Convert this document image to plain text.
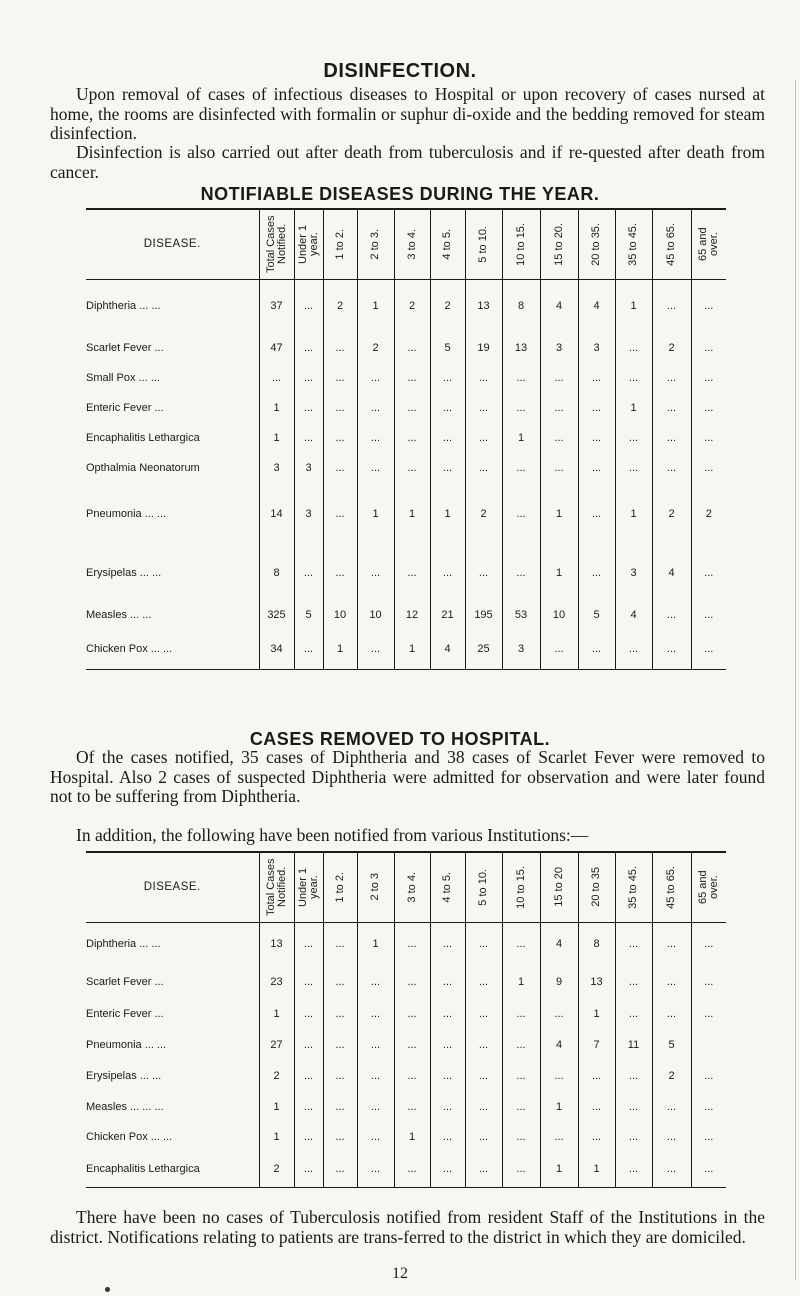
DISINFECTION.
Upon removal of cases of infectious diseases to Hospital or upon recovery of cases nursed at home, the rooms are disinfected with formalin or suphur di-oxide and the bedding removed for steam disinfection.
Disinfection is also carried out after death from tuberculosis and if re-quested after death from cancer.
NOTIFIABLE DISEASES DURING THE YEAR.
DISEASE.	Total Cases Notified.	Under 1 year.	1 to 2.	2 to 3.	3 to 4.	4 to 5.	5 to 10.	10 to 15.	15 to 20.	20 to 35.	35 to 45.	45 to 65.	65 and over.

Diphtheria ... ...	37	...	2	1	2	2	13	8	4	4	1	...	...
Scarlet Fever ...	47	...	...	2	...	5	19	13	3	3	...	2	...
Small Pox ... ...	...	...	...	...	...	...	...	...	...	...	...	...	...
Enteric Fever ...	1	...	...	...	...	...	...	...	...	...	1	...	...
Encaphalitis Lethargica	1	...	...	...	...	...	...	1	...	...	...	...	...
Opthalmia Neonatorum	3	3	...	...	...	...	...	...	...	...	...	...	...
Pneumonia ... ...	14	3	...	1	1	1	2	...	1	...	1	2	2
Erysipelas ... ...	8	...	...	...	...	...	...	...	1	...	3	4	...
Measles ... ...	325	5	10	10	12	21	195	53	10	5	4	...	...
Chicken Pox ... ...	34	...	1	...	1	4	25	3	...	...	...	...	...
CASES REMOVED TO HOSPITAL.
Of the cases notified, 35 cases of Diphtheria and 38 cases of Scarlet Fever were removed to Hospital. Also 2 cases of suspected Diphtheria were admitted for observation and were later found not to be suffering from Diphtheria.
In addition, the following have been notified from various Institutions:—
DISEASE.	Total Cases Notified.	Under 1 year.	1 to 2.	2 to 3	3 to 4.	4 to 5.	5 to 10.	10 to 15.	15 to 20	20 to 35	35 to 45.	45 to 65.	65 and over.

Diphtheria ... ...	13	...	...	1	...	...	...	...	4	8	...	...	...
Scarlet Fever ...	23	...	...	...	...	...	...	1	9	13	...	...	...
Enteric Fever ...	1	...	...	...	...	...	...	...	...	1	...	...	...
Pneumonia ... ...	27	...	...	...	...	...	...	...	4	7	11	5	
Erysipelas ... ...	2	...	...	...	...	...	...	...	...	...	...	2	...
Measles ... ... ...	1	...	...	...	...	...	...	...	1	...	...	...	...
Chicken Pox ... ...	1	...	...	...	1	...	...	...	...	...	...	...	...
Encaphalitis Lethargica	2	...	...	...	...	...	...	...	1	1	...	...	...
There have been no cases of Tuberculosis notified from resident Staff of the Institutions in the district. Notifications relating to patients are trans-ferred to the district in which they are domiciled.
12
